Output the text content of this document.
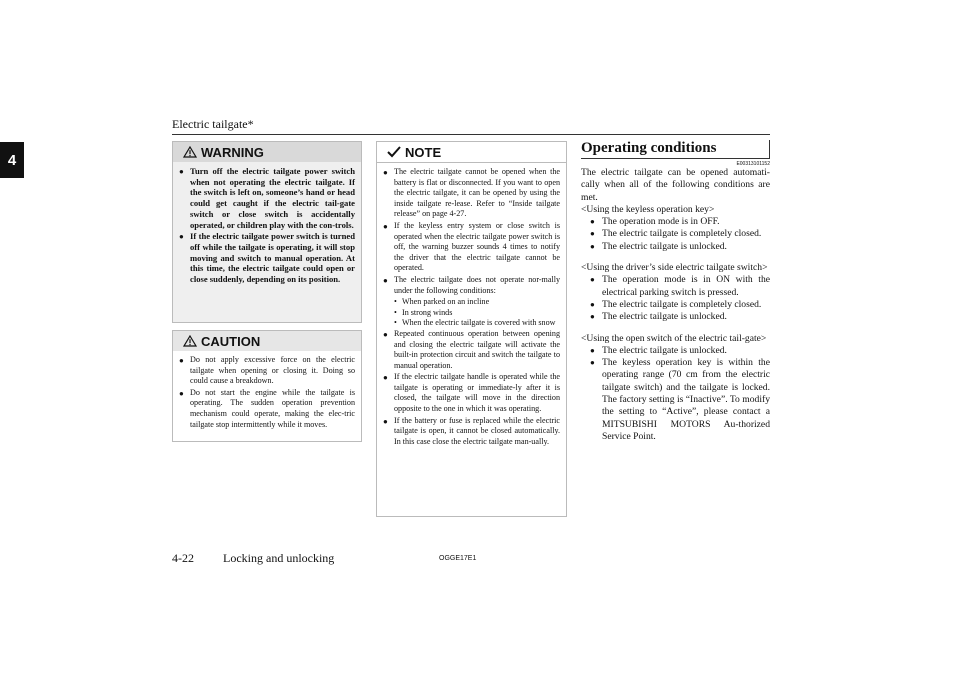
Electric tailgate*
4	WARNING
● Turn off the electric tailgate power switch when not operating the electric tailgate. If the switch is left on, someone’s hand or head could get caught if the electric tail-gate switch or close switch is accidentally operated, or children play with the con-trols.
● If the electric tailgate power switch is turned off while the tailgate is operating, it will stop moving and switch to manual operation. At this time, the electric tailgate could open or close suddenly, depending on its position.
CAUTION
● Do not apply excessive force on the electric tailgate when opening or closing it. Doing so could cause a breakdown.
● Do not start the engine while the tailgate is operating. The sudden operation prevention mechanism could operate, making the elec-tric tailgate stop intermittently while it moves.
NOTE
● The electric tailgate cannot be opened when the battery is flat or disconnected. If you want to open the electric tailgate, it can be opened by using the inside tailgate re-lease. Refer to “Inside tailgate release” on page 4-27.
● If the keyless entry system or close switch is operated when the electric tailgate power switch is off, the warning buzzer sounds 4 times to notify the driver that the electric tailgate cannot be operated.
● The electric tailgate does not operate nor-mally under the following conditions:
• When parked on an incline
• In strong winds
• When the electric tailgate is covered with snow
● Repeated continuous operation between opening and closing the electric tailgate will activate the built-in protection circuit and switch the tailgate to manual operation.
● If the electric tailgate handle is operated while the tailgate is operating or immediate-ly after it is closed, the tailgate will move in the direction opposite to the one in which it was operating.
● If the battery or fuse is replaced while the electric tailgate is open, it cannot be closed automatically. In this case close the electric tailgate man-ually.
Operating conditions
E00313101152
The electric tailgate can be opened automati-cally when all of the following conditions are met.
<Using the keyless operation key>
● The operation mode is in OFF.
● The electric tailgate is completely closed.
● The electric tailgate is unlocked.
<Using the driver’s side electric tailgate switch>
● The operation mode is in ON with the electrical parking switch is pressed.
● The electric tailgate is completely closed.
● The electric tailgate is unlocked.
<Using the open switch of the electric tail-gate>
● The electric tailgate is unlocked.
● The keyless operation key is within the operating range (70 cm from the electric tailgate switch) and the tailgate is locked. The factory setting is “Inactive”. To modify the setting to “Active”, please contact a MITSUBISHI MOTORS Au-thorized Service Point.
4-22 Locking and unlocking	OGGE17E1
